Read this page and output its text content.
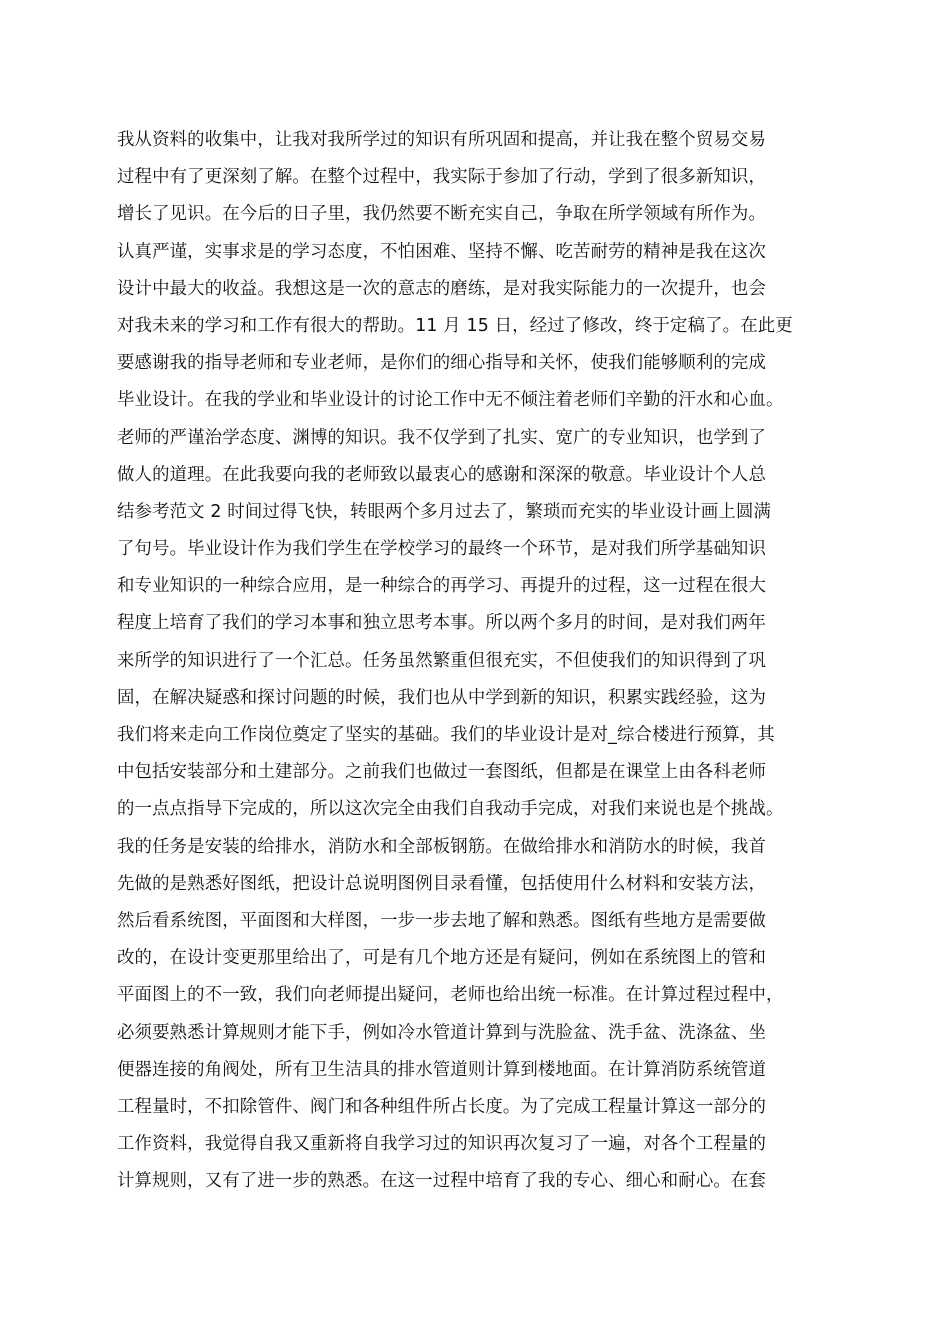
我从资料的收集中，让我对我所学过的知识有所巩固和提高，并让我在整个贸易交易
过程中有了更深刻了解。在整个过程中，我实际于参加了行动，学到了很多新知识，
增长了见识。在今后的日子里，我仍然要不断充实自己，争取在所学领域有所作为。
认真严谨，实事求是的学习态度，不怕困难、坚持不懈、吃苦耐劳的精神是我在这次
设计中最大的收益。我想这是一次的意志的磨练，是对我实际能力的一次提升，也会
对我未来的学习和工作有很大的帮助。11 月 15 日，经过了修改，终于定稿了。在此更
要感谢我的指导老师和专业老师，是你们的细心指导和关怀，使我们能够顺利的完成
毕业设计。在我的学业和毕业设计的讨论工作中无不倾注着老师们辛勤的汗水和心血。
老师的严谨治学态度、渊博的知识。我不仅学到了扎实、宽广的专业知识，也学到了
做人的道理。在此我要向我的老师致以最衷心的感谢和深深的敬意。毕业设计个人总
结参考范文 2 时间过得飞快，转眼两个多月过去了，繁琐而充实的毕业设计画上圆满
了句号。毕业设计作为我们学生在学校学习的最终一个环节，是对我们所学基础知识
和专业知识的一种综合应用，是一种综合的再学习、再提升的过程，这一过程在很大
程度上培育了我们的学习本事和独立思考本事。所以两个多月的时间，是对我们两年
来所学的知识进行了一个汇总。任务虽然繁重但很充实，不但使我们的知识得到了巩
固，在解决疑惑和探讨问题的时候，我们也从中学到新的知识，积累实践经验，这为
我们将来走向工作岗位奠定了坚实的基础。我们的毕业设计是对_综合楼进行预算，其
中包括安装部分和土建部分。之前我们也做过一套图纸，但都是在课堂上由各科老师
的一点点指导下完成的，所以这次完全由我们自我动手完成，对我们来说也是个挑战。
我的任务是安装的给排水，消防水和全部板钢筋。在做给排水和消防水的时候，我首
先做的是熟悉好图纸，把设计总说明图例目录看懂，包括使用什么材料和安装方法，
然后看系统图，平面图和大样图，一步一步去地了解和熟悉。图纸有些地方是需要做
改的，在设计变更那里给出了，可是有几个地方还是有疑问，例如在系统图上的管和
平面图上的不一致，我们向老师提出疑问，老师也给出统一标准。在计算过程过程中，
必须要熟悉计算规则才能下手，例如冷水管道计算到与洗脸盆、洗手盆、洗涤盆、坐
便器连接的角阀处，所有卫生洁具的排水管道则计算到楼地面。在计算消防系统管道
工程量时，不扣除管件、阀门和各种组件所占长度。为了完成工程量计算这一部分的
工作资料，我觉得自我又重新将自我学习过的知识再次复习了一遍，对各个工程量的
计算规则，又有了进一步的熟悉。在这一过程中培育了我的专心、细心和耐心。在套
